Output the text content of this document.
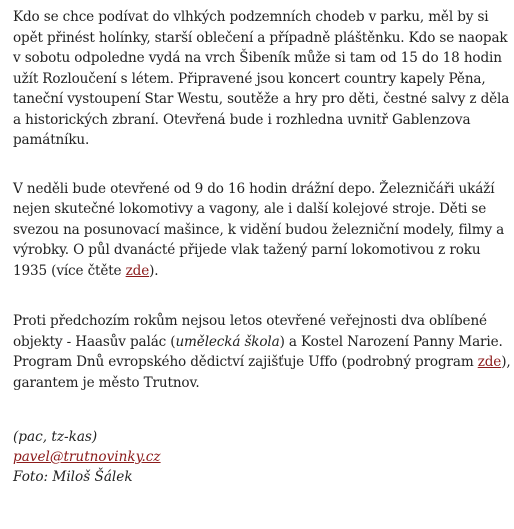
Kdo se chce podívat do vlhkých podzemních chodeb v parku, měl by si opět přinést holínky, starší oblečení a případně pláštěnku. Kdo se naopak v sobotu odpoledne vydá na vrch Šibeník může si tam od 15 do 18 hodin užít Rozloučení s létem. Připravené jsou koncert country kapely Pěna, taneční vystoupení Star Westu, soutěže a hry pro děti, čestné salvy z děla a historických zbraní. Otevřená bude i rozhledna uvnitř Gablenzova památníku.

V neděli bude otevřené od 9 do 16 hodin drážní depo. Železničáři ukáží nejen skutečné lokomotivy a vagony, ale i další kolejové stroje. Děti se svezou na posunovací mašince, k vidění budou železniční modely, filmy a výrobky. O půl dvanácté přijede vlak tažený parní lokomotivou z roku 1935 (více čtěte zde).

Proti předchozím rokům nejsou letos otevřené veřejnosti dva oblíbené objekty - Haasův palác (umělecká škola) a Kostel Narození Panny Marie. Program Dnů evropského dědictví zajišťuje Uffo (podrobný program zde), garantem je město Trutnov.

(pac, tz-kas)
pavel@trutnovinky.cz
Foto: Miloš Šálek
